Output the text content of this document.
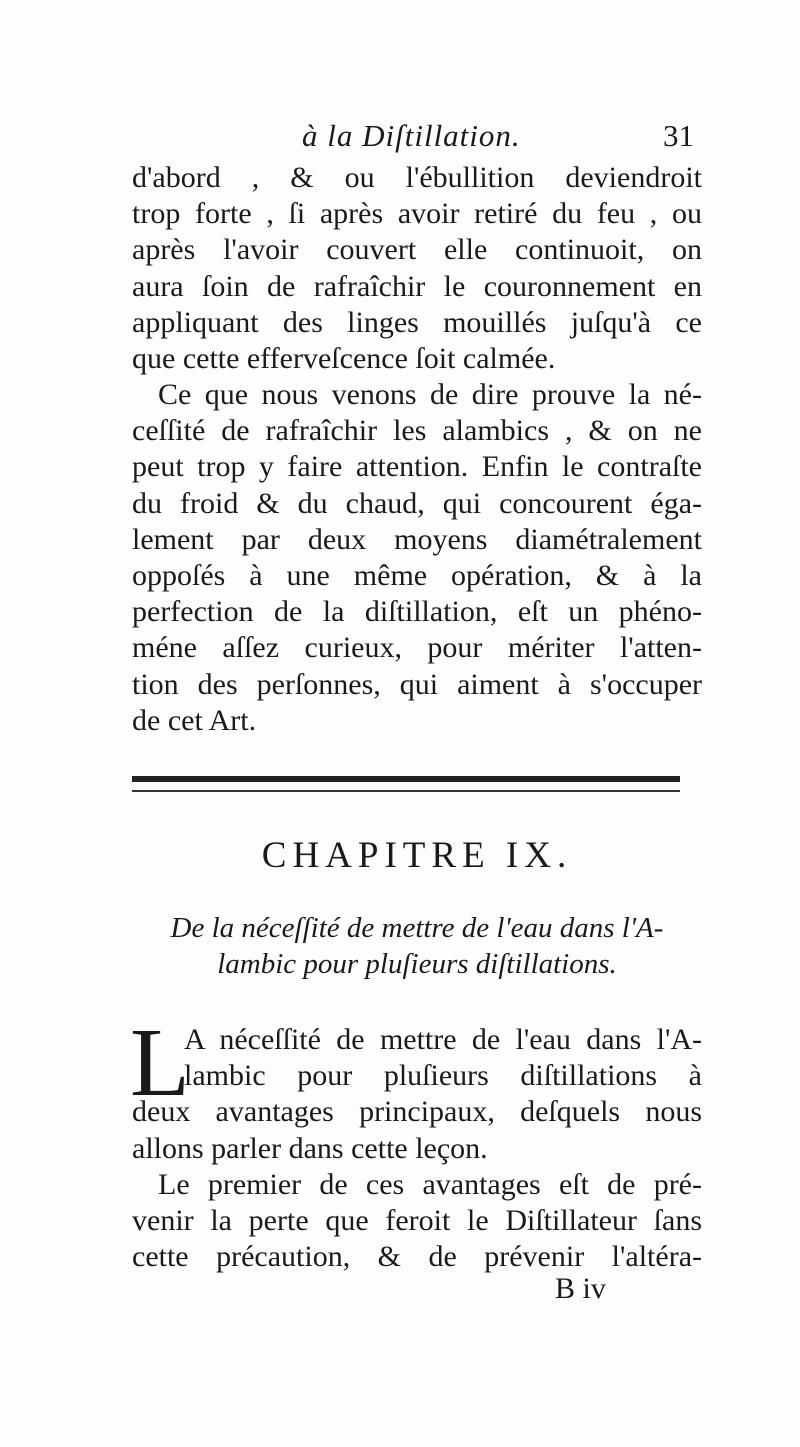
à la Diſtillation.	31
d'abord , & ou l'ébullition deviendroit
trop forte , ſi après avoir retiré du feu , ou
après l'avoir couvert elle continuoit, on
aura ſoin de rafraîchir le couronnement en
appliquant des linges mouillés juſqu'à ce
que cette efferveſcence ſoit calmée.
Ce que nous venons de dire prouve la né-
ceſſité de rafraîchir les alambics , & on ne
peut trop y faire attention. Enfin le contraſte
du froid & du chaud, qui concourent éga-
lement par deux moyens diamétralement
oppoſés à une même opération, & à la
perfection de la diſtillation, eſt un phéno-
méne aſſez curieux, pour mériter l'atten-
tion des perſonnes, qui aiment à s'occuper
de cet Art.
CHAPITRE IX.
De la néceſſité de mettre de l'eau dans l'A-
lambic pour pluſieurs diſtillations.
L
A néceſſité de mettre de l'eau dans l'A-
lambic pour pluſieurs diſtillations à
deux avantages principaux, deſquels nous
allons parler dans cette leçon.
Le premier de ces avantages eſt de pré-
venir la perte que feroit le Diſtillateur ſans
cette précaution, & de prévenir l'altéra-
B iv
